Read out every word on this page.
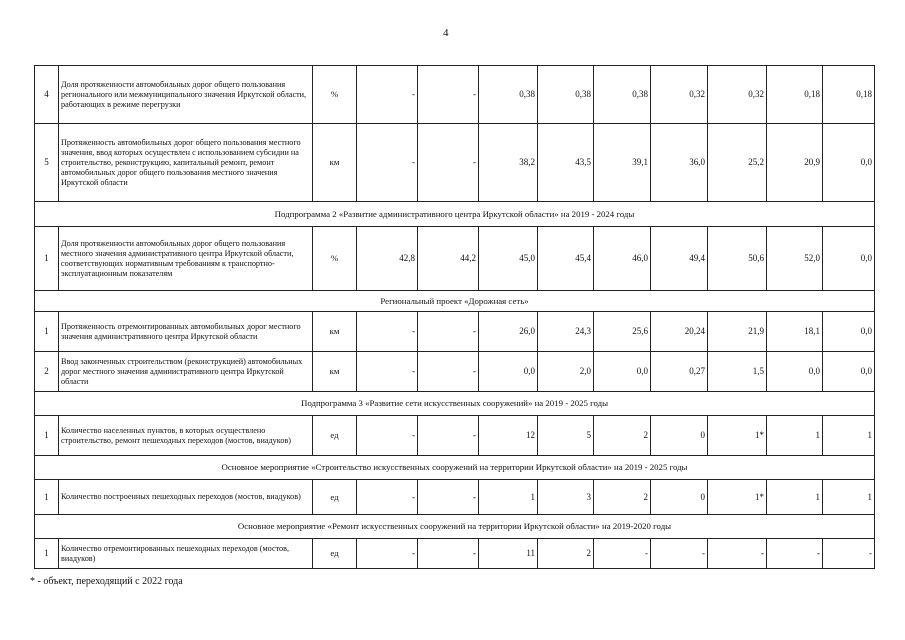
4
4	Доля протяженности автомобильных дорог общего пользования регионального или межмуниципального значения Иркутской области, работающих в режиме перегрузки	%	-	-	0,38	0,38	0,38	0,32	0,32	0,18	0,18
5	Протяженность автомобильных дорог общего пользования местного значения, ввод которых осуществлен с использованием субсидии на строительство, реконструкцию, капитальный ремонт, ремонт автомобильных дорог общего пользования местного значения Иркутской области	км	-	-	38,2	43,5	39,1	36,0	25,2	20,9	0,0
Подпрограмма 2 «Развитие административного центра Иркутской области» на 2019 - 2024 годы											
1	Доля протяженности автомобильных дорог общего пользования местного значения административного центра Иркутской области, соответствующих нормативным требованиям к транспортно-эксплуатационным показателям	%	42,8	44,2	45,0	45,4	46,0	49,4	50,6	52,0	0,0
Региональный проект «Дорожная сеть»											
1	Протяженность отремонтированных автомобильных дорог местного значения административного центра Иркутской области	км	-	-	26,0	24,3	25,6	20,24	21,9	18,1	0,0
2	Ввод законченных строительством (реконструкцией) автомобильных дорог местного значения административного центра Иркутской области	км	-	-	0,0	2,0	0,0	0,27	1,5	0,0	0,0
Подпрограмма 3 «Развитие сети искусственных сооружений» на 2019 - 2025 годы											
1	Количество населенных пунктов, в которых осуществлено строительство, ремонт пешеходных переходов (мостов, виадуков)	ед	-	-	12	5	2	0	1*	1	1
Основное мероприятие «Строительство искусственных сооружений на территории Иркутской области» на 2019 - 2025 годы											
1	Количество построенных пешеходных переходов (мостов, виадуков)	ед	-	-	1	3	2	0	1*	1	1
Основное мероприятие «Ремонт искусственных сооружений на территории Иркутской области» на 2019-2020 годы											
1	Количество отремонтированных пешеходных переходов (мостов, виадуков)	ед	-	-	11	2	-	-	-	-	-
* - объект, переходящий с 2022 года
